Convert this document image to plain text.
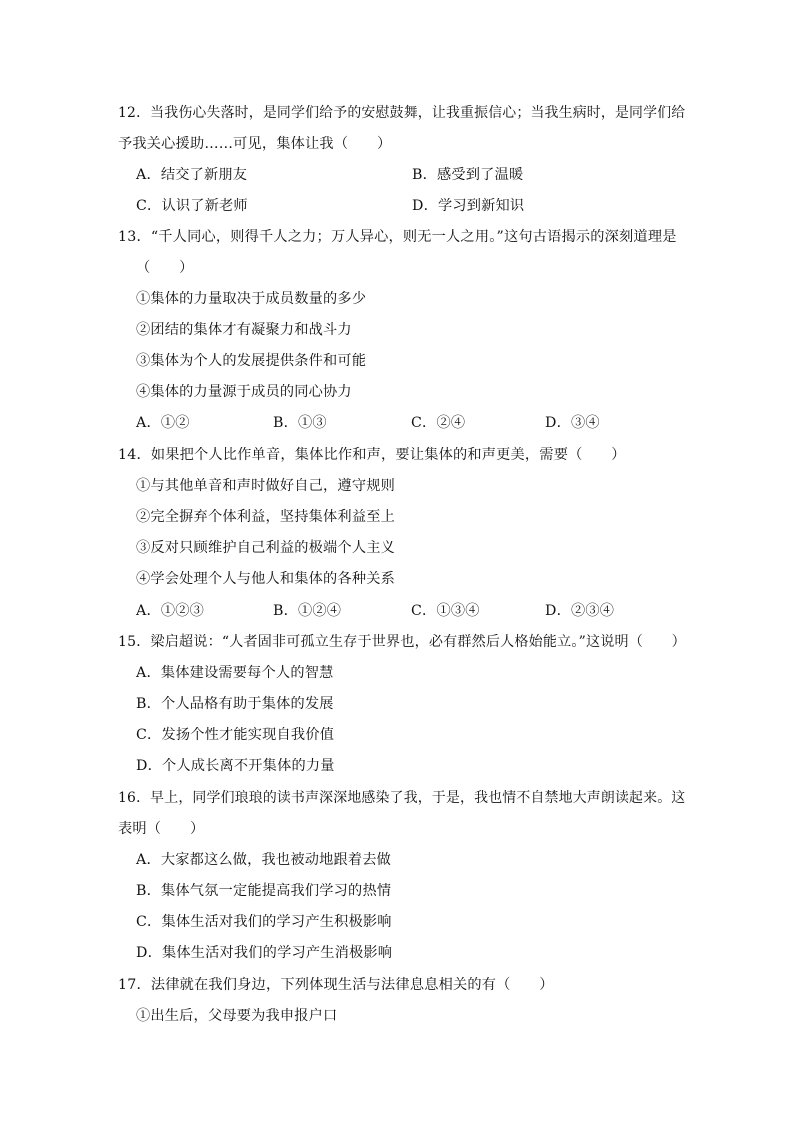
12．当我伤心失落时，是同学们给予的安慰鼓舞，让我重振信心；当我生病时，是同学们给
予我关心援助……可见，集体让我（　　）
A．结交了新朋友	B．感受到了温暖
C．认识了新老师	D．学习到新知识
13．“千人同心，则得千人之力；万人异心，则无一人之用。”这句古语揭示的深刻道理是
（　　）
①集体的力量取决于成员数量的多少
②团结的集体才有凝聚力和战斗力
③集体为个人的发展提供条件和可能
④集体的力量源于成员的同心协力
A．①②	B．①③	C．②④	D．③④
14．如果把个人比作单音，集体比作和声，要让集体的和声更美，需要（　　）
①与其他单音和声时做好自己，遵守规则
②完全摒弃个体利益，坚持集体利益至上
③反对只顾维护自己利益的极端个人主义
④学会处理个人与他人和集体的各种关系
A．①②③	B．①②④	C．①③④	D．②③④
15．梁启超说：“人者固非可孤立生存于世界也，必有群然后人格始能立。”这说明（　　）
A．集体建设需要每个人的智慧
B．个人品格有助于集体的发展
C．发扬个性才能实现自我价值
D．个人成长离不开集体的力量
16．早上，同学们琅琅的读书声深深地感染了我，于是，我也情不自禁地大声朗读起来。这
表明（　　）
A．大家都这么做，我也被动地跟着去做
B．集体气氛一定能提高我们学习的热情
C．集体生活对我们的学习产生积极影响
D．集体生活对我们的学习产生消极影响
17．法律就在我们身边，下列体现生活与法律息息相关的有（　　）
①出生后，父母要为我申报户口
